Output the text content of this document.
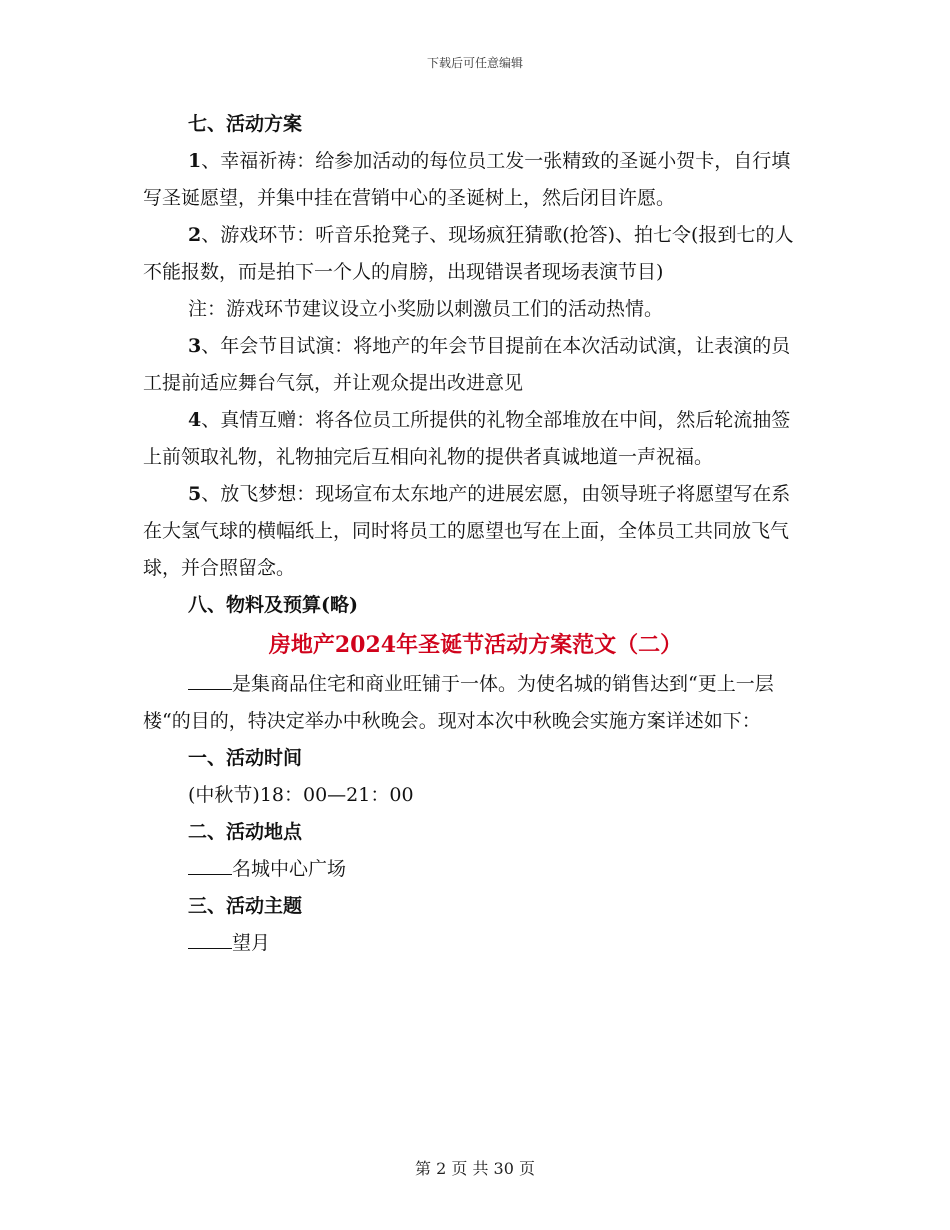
下载后可任意编辑

七、活动方案

1、幸福祈祷：给参加活动的每位员工发一张精致的圣诞小贺卡，自行填写圣诞愿望，并集中挂在营销中心的圣诞树上，然后闭目许愿。

2、游戏环节：听音乐抢凳子、现场疯狂猜歌(抢答)、拍七令(报到七的人不能报数，而是拍下一个人的肩膀，出现错误者现场表演节目)

注：游戏环节建议设立小奖励以刺激员工们的活动热情。

3、年会节目试演：将地产的年会节目提前在本次活动试演，让表演的员工提前适应舞台气氛，并让观众提出改进意见

4、真情互赠：将各位员工所提供的礼物全部堆放在中间，然后轮流抽签上前领取礼物，礼物抽完后互相向礼物的提供者真诚地道一声祝福。

5、放飞梦想：现场宣布太东地产的进展宏愿，由领导班子将愿望写在系在大氢气球的横幅纸上，同时将员工的愿望也写在上面，全体员工共同放飞气球，并合照留念。

八、物料及预算(略)

房地产2024年圣诞节活动方案范文（二）

是集商品住宅和商业旺铺于一体。为使名城的销售达到“更上一层楼“的目的，特决定举办中秋晚会。现对本次中秋晚会实施方案详述如下：

一、活动时间

(中秋节)18：00—21：00

二、活动地点

名城中心广场

三、活动主题

望月

第 2 页 共 30 页
